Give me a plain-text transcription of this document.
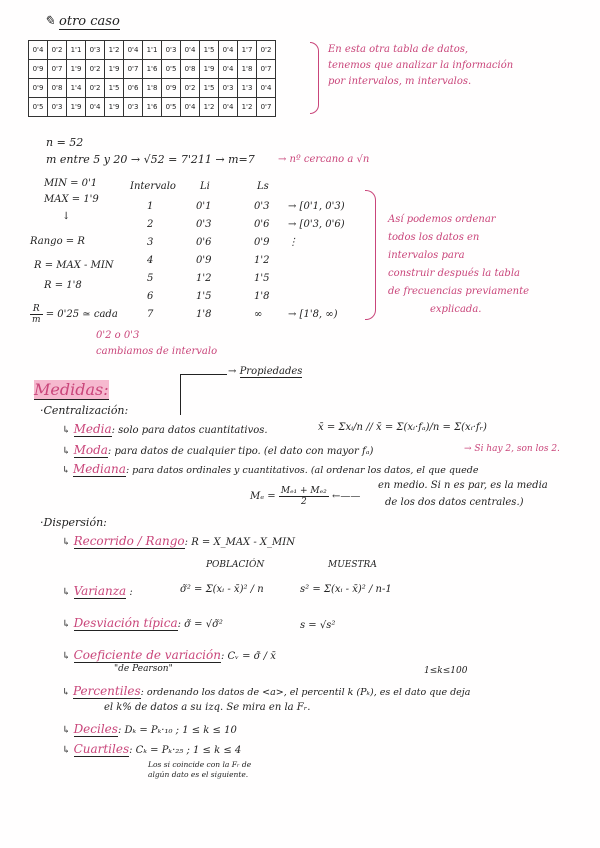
✎ otro caso
0'4	0'2	1'1	0'3	1'2	0'4	1'1	0'3	0'4	1'5	0'4	1'7	0'2
0'9	0'7	1'9	0'2	1'9	0'7	1'6	0'5	0'8	1'9	0'4	1'8	0'7
0'9	0'8	1'4	0'2	1'5	0'6	1'8	0'9	0'2	1'5	0'3	1'3	0'4
0'5	0'3	1'9	0'4	1'9	0'3	1'6	0'5	0'4	1'2	0'4	1'2	0'7
En esta otra tabla de datos,
tenemos que analizar la información
por intervalos, m intervalos.
n = 52
m entre 5 y 20 → √52 = 7'211 → m=7 → nº cercano a √n
MIN = 0'1
MAX = 1'9
↓
Rango = R
R = MAX - MIN
R = 1'8
$\frac{R}{m} = 0'25$ ≃ cada
0'2 o 0'3
cambiamos de intervalo
Intervalo Li	Ls
1	0'1	0'3 → [0'1, 0'3)
2	0'3	0'6 → [0'3, 0'6)
3	0'6	0'9 ⋮
4	0'9	1'2
5	1'2	1'5
6	1'5	1'8
7	1'8	∞	→ [1'8, ∞)
Así podemos ordenar
todos los datos en
intervalos para
construir después la tabla
de frecuencias previamente
explicada.
Medidas:
→ Propiedades
·Centralización:
↳ Media: solo para datos cuantitativos.	x̄ = Σxᵢ/n // x̄ = Σ(xᵢ·fₐ)/n = Σ(xᵢ·fᵣ)
↳ Moda: para datos de cualquier tipo. (el dato con mayor fₐ)	→ Si hay 2, son los 2.
↳ Mediana: para datos ordinales y cuantitativos. (al ordenar los datos, el que quede
en medio. Si n es par, es la media
de los dos datos centrales.)
$M_e = \frac{\text{Mₑ₁ + Mₑ₂}}{2}$ ←——
·Dispersión:
↳ Recorrido / Rango: R = X_MAX - X_MIN
POBLACIÓN	MUESTRA
↳ Varianza :	σ̃² = Σ(xᵢ - x̄)² / n	s² = Σ(xᵢ - x̄)² / n-1
↳ Desviación típica: σ̃ = √σ̃²	s = √s²
↳ Coeficiente de variación: Cᵥ = σ̃ / x̄
"de Pearson"	1≤k≤100
↳ Percentiles: ordenando los datos de <a>, el percentil k (Pₖ), es el dato que deja
el k% de datos a su izq. Se mira en la Fᵣ.
↳ Deciles: Dₖ = Pₖ·₁₀ ; 1 ≤ k ≤ 10
↳ Cuartiles: Cₖ = Pₖ·₂₅ ; 1 ≤ k ≤ 4
Los si coincide con la Fᵣ de
algún dato es el siguiente.
